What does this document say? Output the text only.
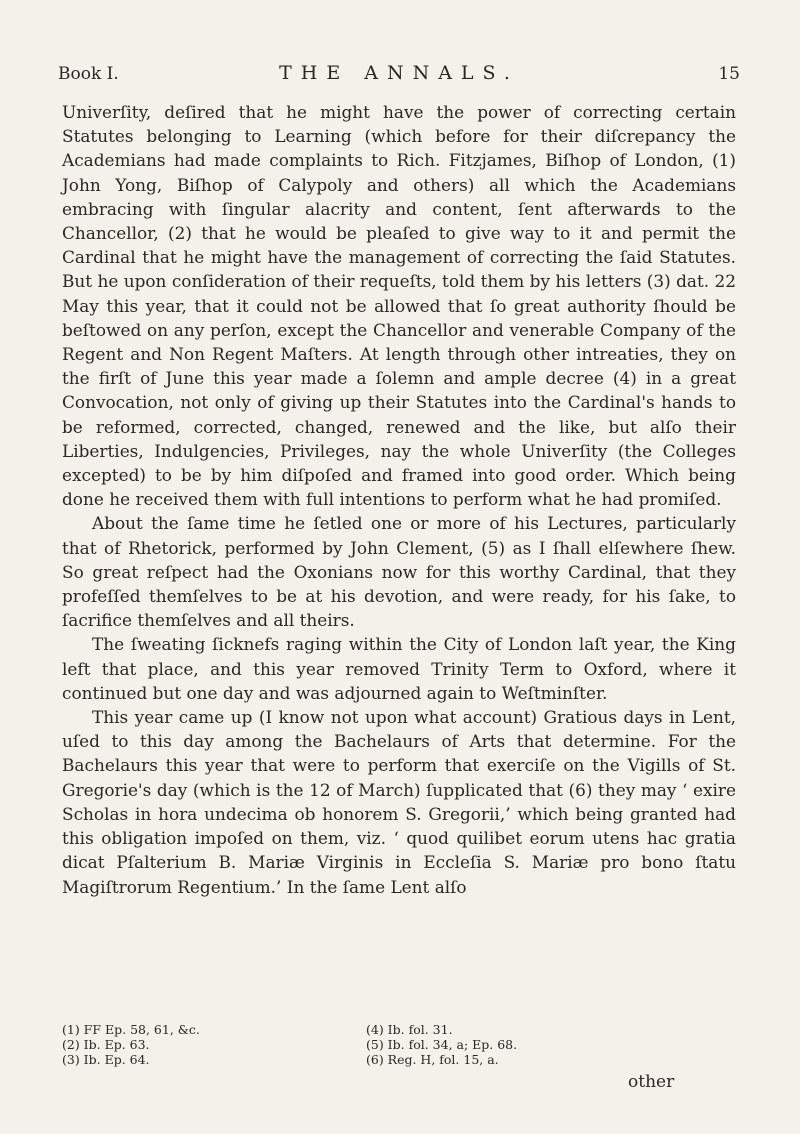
Book I.	THE ANNALS.	15

Univerſity, deſired that he might have the power of correcting certain Statutes belonging to Learning (which before for their diſcrepancy the Academians had made complaints to Rich. Fitzjames, Biſhop of London, (1) John Yong, Biſhop of Calypoly and others) all which the Academians embracing with ſingular alacrity and content, ſent afterwards to the Chancellor, (2) that he would be pleaſed to give way to it and permit the Cardinal that he might have the management of correcting the ſaid Statutes. But he upon conſideration of their requeſts, told them by his letters (3) dat. 22 May this year, that it could not be allowed that ſo great authority ſhould be beſtowed on any perſon, except the Chancellor and venerable Company of the Regent and Non Regent Maſters. At length through other intreaties, they on the firſt of June this year made a ſolemn and ample decree (4) in a great Convocation, not only of giving up their Statutes into the Cardinal's hands to be reformed, corrected, changed, renewed and the like, but alſo their Liberties, Indulgencies, Privileges, nay the whole Univerſity (the Colleges excepted) to be by him diſpoſed and framed into good order. Which being done he received them with full intentions to perform what he had promiſed.

About the ſame time he ſetled one or more of his Lectures, particularly that of Rhetorick, performed by John Clement, (5) as I ſhall elſewhere ſhew. So great reſpect had the Oxonians now for this worthy Cardinal, that they profeſſed themſelves to be at his devotion, and were ready, for his ſake, to ſacrifice themſelves and all theirs.

The ſweating ſicknefs raging within the City of London laſt year, the King left that place, and this year removed Trinity Term to Oxford, where it continued but one day and was adjourned again to Weſtminſter.

This year came up (I know not upon what account) Gratious days in Lent, uſed to this day among the Bachelaurs of Arts that determine. For the Bachelaurs this year that were to perform that exerciſe on the Vigills of St. Gregorie's day (which is the 12 of March) ſupplicated that (6) they may ‘ exire Scholas in hora undecima ob honorem S. Gregorii,’ which being granted had this obligation impoſed on them, viz. ‘ quod quilibet eorum utens hac gratia dicat Pſalterium B. Mariæ Virginis in Eccleſia S. Mariæ pro bono ſtatu Magiſtrorum Regentium.’ In the ſame Lent alſo

(1) FF Ep. 58, 61, &c.
(2) Ib. Ep. 63.
(3) Ib. Ep. 64.
(4) Ib. fol. 31.
(5) Ib. fol. 34, a; Ep. 68.
(6) Reg. H, fol. 15, a.
other
